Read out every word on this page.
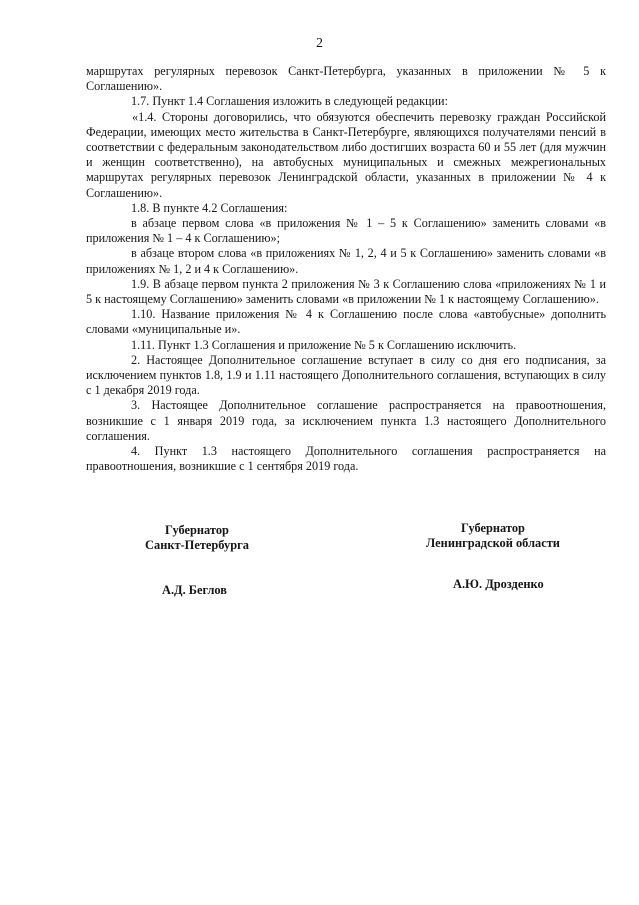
2

маршрутах регулярных перевозок Санкт-Петербурга, указанных в приложении № 5 к Соглашению».

1.7. Пункт 1.4 Соглашения изложить в следующей редакции:

«1.4. Стороны договорились, что обязуются обеспечить перевозку граждан Российской Федерации, имеющих место жительства в Санкт-Петербурге, являющихся получателями пенсий в соответствии с федеральным законодательством либо достигших возраста 60 и 55 лет (для мужчин и женщин соответственно), на автобусных муниципальных и смежных межрегиональных маршрутах регулярных перевозок Ленинградской области, указанных в приложении № 4 к Соглашению».

1.8. В пункте 4.2 Соглашения:

в абзаце первом слова «в приложения № 1 – 5 к Соглашению» заменить словами «в приложения № 1 – 4 к Соглашению»;

в абзаце втором слова «в приложениях № 1, 2, 4 и 5 к Соглашению» заменить словами «в приложениях № 1, 2 и 4 к Соглашению».

1.9. В абзаце первом пункта 2 приложения № 3 к Соглашению слова «приложениях № 1 и 5 к настоящему Соглашению» заменить словами «в приложении № 1 к настоящему Соглашению».

1.10. Название приложения № 4 к Соглашению после слова «автобусные» дополнить словами «муниципальные и».

1.11. Пункт 1.3 Соглашения и приложение № 5 к Соглашению исключить.

2. Настоящее Дополнительное соглашение вступает в силу со дня его подписания, за исключением пунктов 1.8, 1.9 и 1.11 настоящего Дополнительного соглашения, вступающих в силу с 1 декабря 2019 года.

3. Настоящее Дополнительное соглашение распространяется на правоотношения, возникшие с 1 января 2019 года, за исключением пункта 1.3 настоящего Дополнительного соглашения.

4. Пункт 1.3 настоящего Дополнительного соглашения распространяется на правоотношения, возникшие с 1 сентября 2019 года.

Губернатор
Санкт-Петербурга
Губернатор
Ленинградской области
А.Д. Беглов	А.Ю. Дрозденко
